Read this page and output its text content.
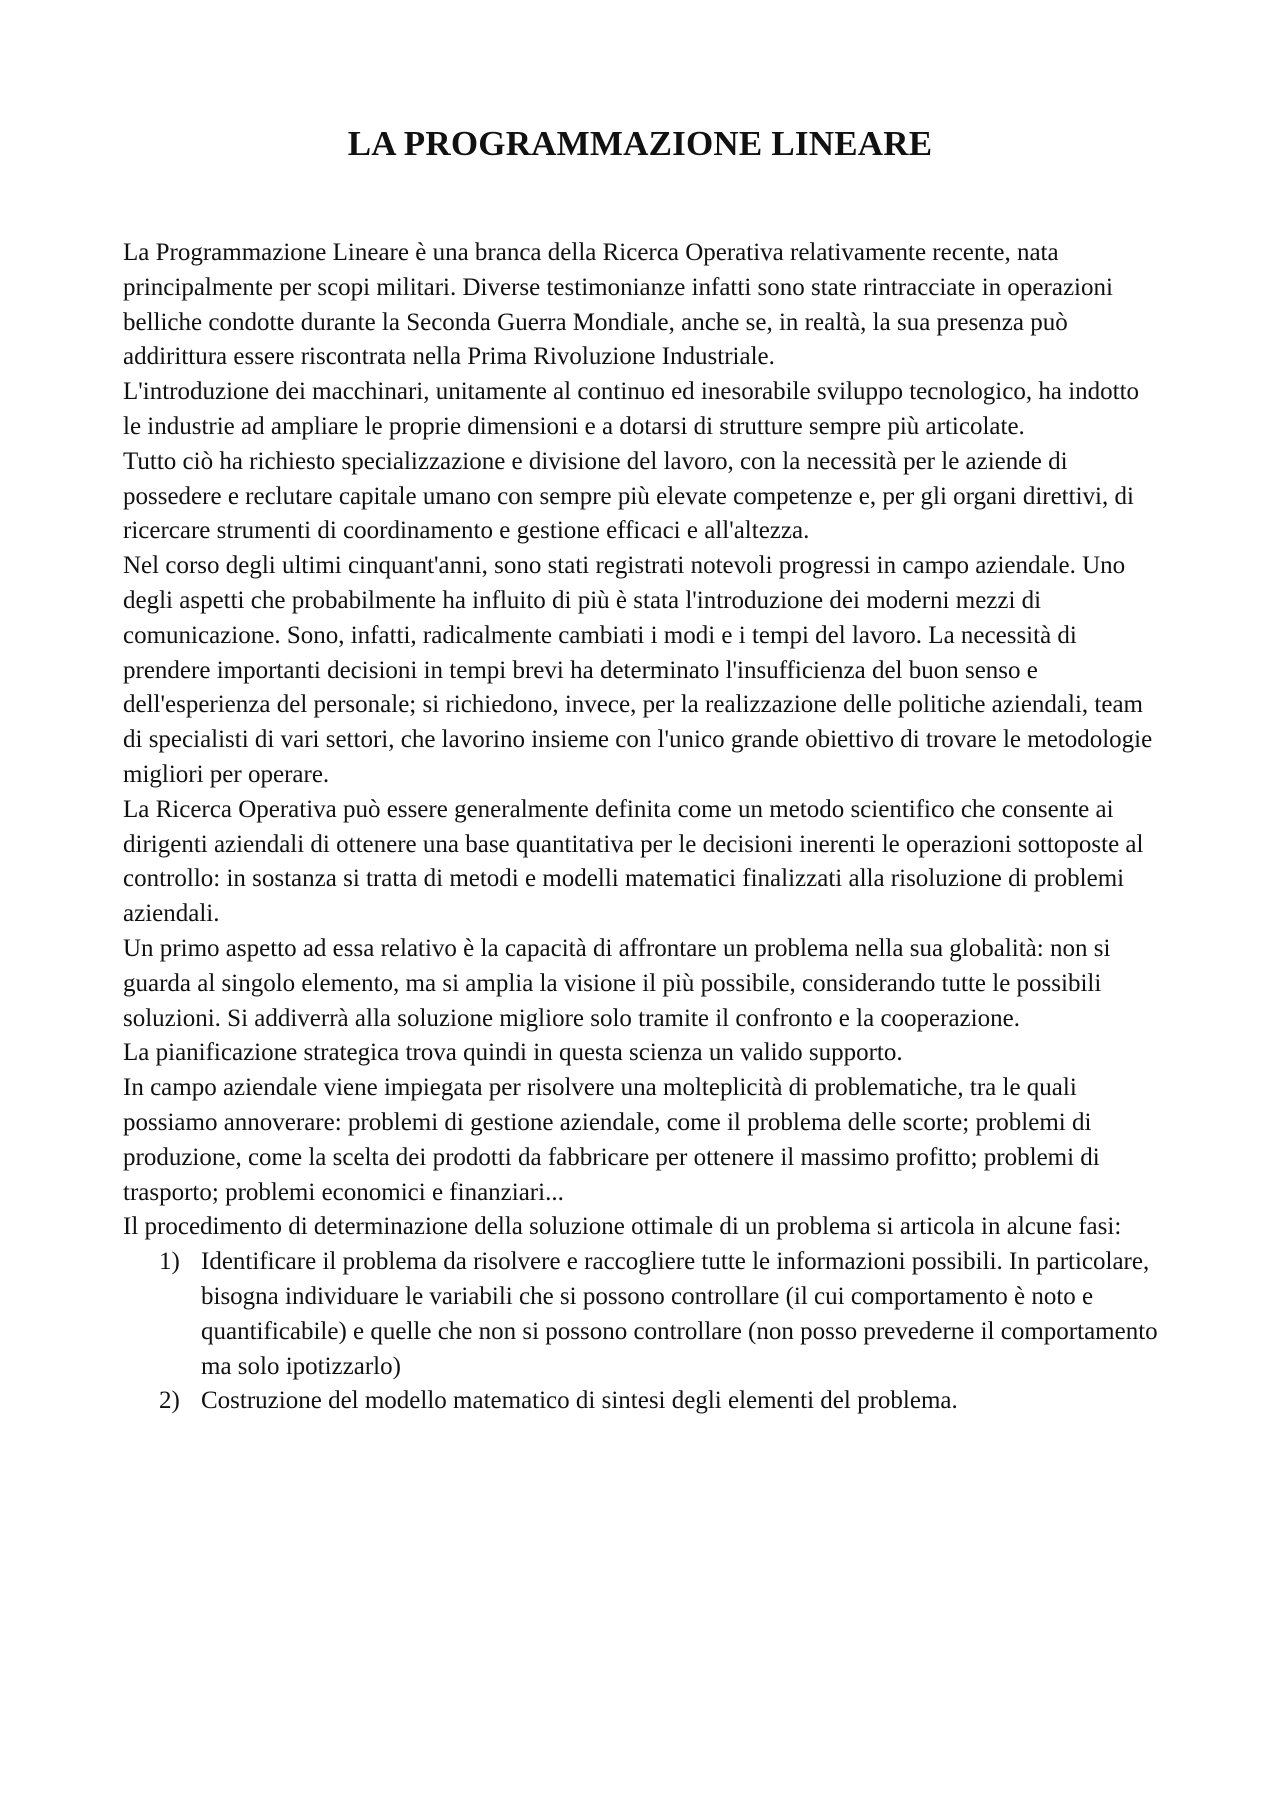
LA PROGRAMMAZIONE LINEARE

La Programmazione Lineare è una branca della Ricerca Operativa relativamente recente, nata principalmente per scopi militari. Diverse testimonianze infatti sono state rintracciate in operazioni belliche condotte durante la Seconda Guerra Mondiale, anche se, in realtà, la sua presenza può addirittura essere riscontrata nella Prima Rivoluzione Industriale.

L'introduzione dei macchinari, unitamente al continuo ed inesorabile sviluppo tecnologico, ha indotto le industrie ad ampliare le proprie dimensioni e a dotarsi di strutture sempre più articolate.

Tutto ciò ha richiesto specializzazione e divisione del lavoro, con la necessità per le aziende di possedere e reclutare capitale umano con sempre più elevate competenze e, per gli organi direttivi, di ricercare strumenti di coordinamento e gestione efficaci e all'altezza.

Nel corso degli ultimi cinquant'anni, sono stati registrati notevoli progressi in campo aziendale. Uno degli aspetti che probabilmente ha influito di più è stata l'introduzione dei moderni mezzi di comunicazione. Sono, infatti, radicalmente cambiati i modi e i tempi del lavoro. La necessità di prendere importanti decisioni in tempi brevi ha determinato l'insufficienza del buon senso e dell'esperienza del personale; si richiedono, invece, per la realizzazione delle politiche aziendali, team di specialisti di vari settori, che lavorino insieme con l'unico grande obiettivo di trovare le metodologie migliori per operare.

La Ricerca Operativa può essere generalmente definita come un metodo scientifico che consente ai dirigenti aziendali di ottenere una base quantitativa per le decisioni inerenti le operazioni sottoposte al controllo: in sostanza si tratta di metodi e modelli matematici finalizzati alla risoluzione di problemi aziendali.

Un primo aspetto ad essa relativo è la capacità di affrontare un problema nella sua globalità: non si guarda al singolo elemento, ma si amplia la visione il più possibile, considerando tutte le possibili soluzioni. Si addiverrà alla soluzione migliore solo tramite il confronto e la cooperazione.

La pianificazione strategica trova quindi in questa scienza un valido supporto.

In campo aziendale viene impiegata per risolvere una molteplicità di problematiche, tra le quali possiamo annoverare: problemi di gestione aziendale, come il problema delle scorte; problemi di produzione, come la scelta dei prodotti da fabbricare per ottenere il massimo profitto; problemi di trasporto; problemi economici e finanziari...

Il procedimento di determinazione della soluzione ottimale di un problema si articola in alcune fasi:

1) Identificare il problema da risolvere e raccogliere tutte le informazioni possibili. In particolare, bisogna individuare le variabili che si possono controllare (il cui comportamento è noto e quantificabile) e quelle che non si possono controllare (non posso prevederne il comportamento ma solo ipotizzarlo)
2) Costruzione del modello matematico di sintesi degli elementi del problema.
